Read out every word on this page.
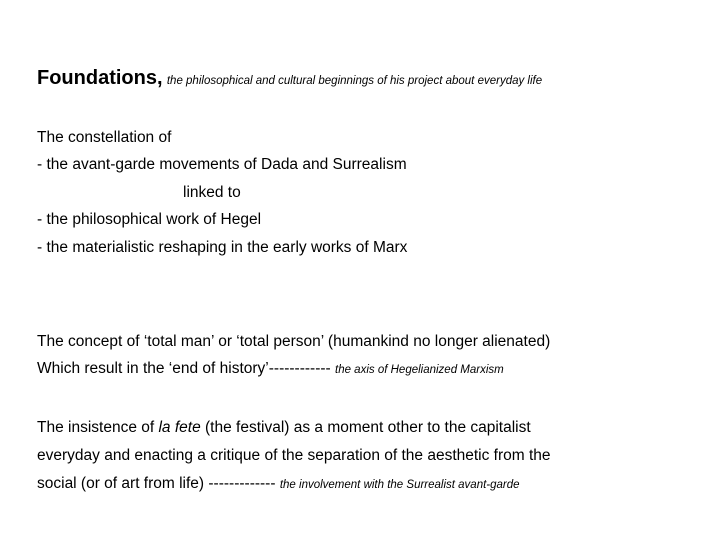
Foundations, the philosophical and cultural beginnings of his project about everyday life
The constellation of
- the avant-garde movements of Dada and Surrealism
linked to
- the philosophical work of Hegel
- the materialistic reshaping in the early works of Marx
The concept of ‘total man’ or ‘total person’ (humankind no longer alienated)
Which result in the ‘end of history’------------ the axis of Hegelianized Marxism
The insistence of la fete (the festival) as a moment other to the capitalist
everyday and enacting a critique of the separation of the aesthetic from the
social (or of art from life) ------------- the involvement with the Surrealist avant-garde
